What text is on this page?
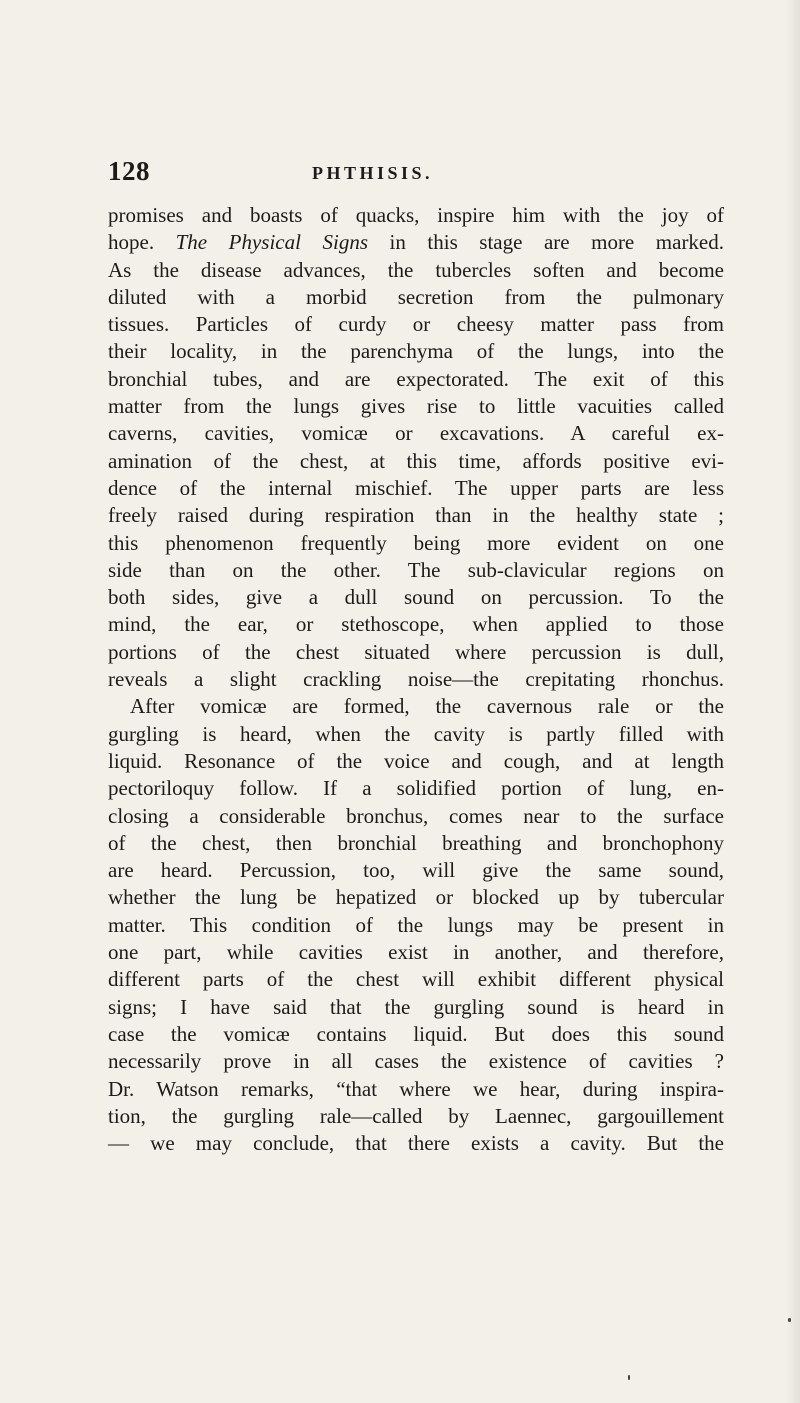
128	PHTHISIS.
promises and boasts of quacks, inspire him with the joy of
hope. The Physical Signs in this stage are more marked.
As the disease advances, the tubercles soften and become
diluted with a morbid secretion from the pulmonary
tissues. Particles of curdy or cheesy matter pass from
their locality, in the parenchyma of the lungs, into the
bronchial tubes, and are expectorated. The exit of this
matter from the lungs gives rise to little vacuities called
caverns, cavities, vomicæ or excavations. A careful ex-
amination of the chest, at this time, affords positive evi-
dence of the internal mischief. The upper parts are less
freely raised during respiration than in the healthy state ;
this phenomenon frequently being more evident on one
side than on the other. The sub-clavicular regions on
both sides, give a dull sound on percussion. To the
mind, the ear, or stethoscope, when applied to those
portions of the chest situated where percussion is dull,
reveals a slight crackling noise—the crepitating rhonchus.
After vomicæ are formed, the cavernous rale or the
gurgling is heard, when the cavity is partly filled with
liquid. Resonance of the voice and cough, and at length
pectoriloquy follow. If a solidified portion of lung, en-
closing a considerable bronchus, comes near to the surface
of the chest, then bronchial breathing and bronchophony
are heard. Percussion, too, will give the same sound,
whether the lung be hepatized or blocked up by tubercular
matter. This condition of the lungs may be present in
one part, while cavities exist in another, and therefore,
different parts of the chest will exhibit different physical
signs; I have said that the gurgling sound is heard in
case the vomicæ contains liquid. But does this sound
necessarily prove in all cases the existence of cavities ?
Dr. Watson remarks, “that where we hear, during inspira-
tion, the gurgling rale—called by Laennec, gargouillement
— we may conclude, that there exists a cavity. But the
